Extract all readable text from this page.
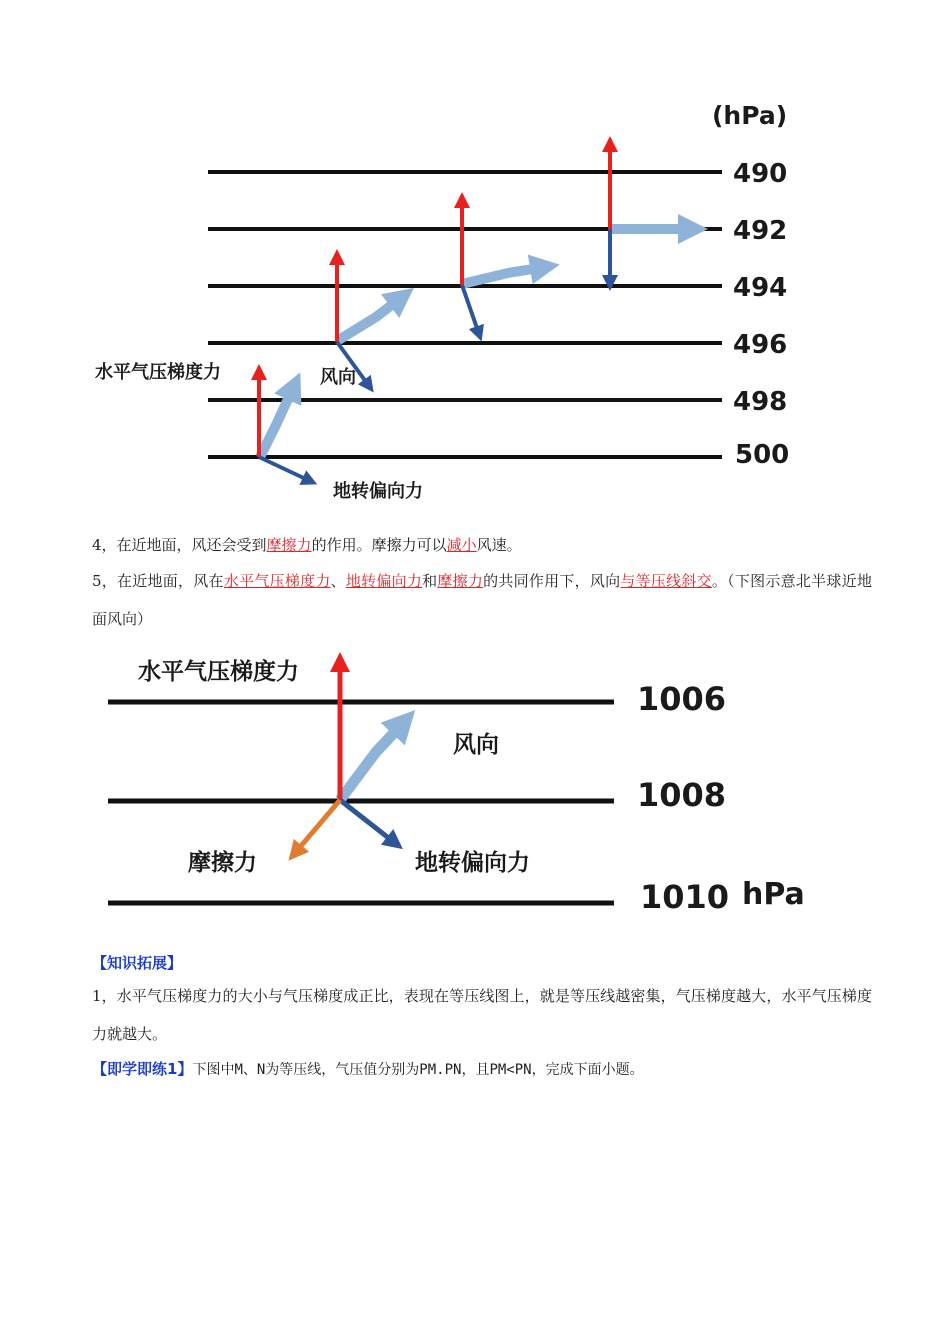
(hPa)
490
492
494
496
498
500
水平气压梯度力	风向
地转偏向力

4，在近地面，风还会受到摩擦力的作用。摩擦力可以减小风速。

5，在近地面，风在水平气压梯度力、地转偏向力和摩擦力的共同作用下，风向与等压线斜交。（下图示意北半球近地面风向）

1006
1008
1010 hPa
水平气压梯度力
风向
摩擦力	地转偏向力

【知识拓展】

1，水平气压梯度力的大小与气压梯度成正比，表现在等压线图上，就是等压线越密集，气压梯度越大，水平气压梯度力就越大。

【即学即练1】下图中M、N为等压线，气压值分别为PM.PN，且PM<PN，完成下面小题。
